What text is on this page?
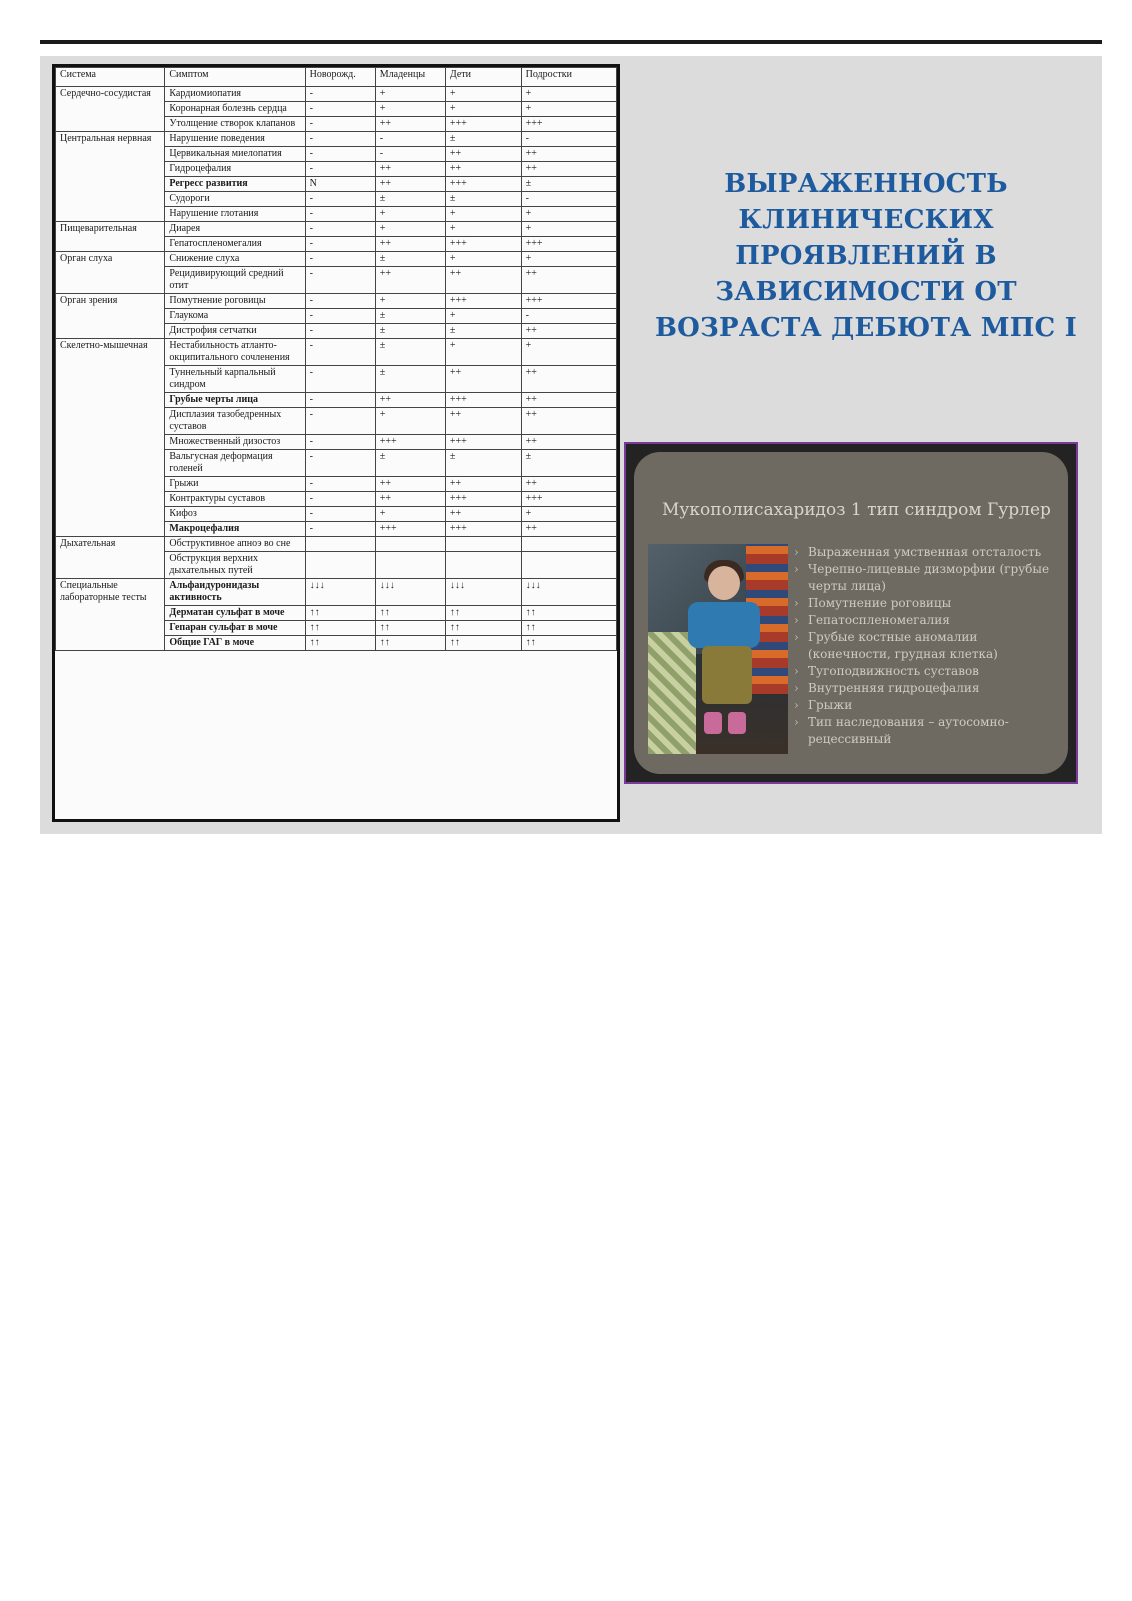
Система	Симптом	Новорожд.	Младенцы	Дети	Подростки
Сердечно-сосудистая	Кардиомиопатия	-	+	+	+
	Коронарная болезнь сердца	-	+	+	+
	Утолщение створок клапанов	-	++	+++	+++
Центральная нервная	Нарушение поведения	-	-	±	-
	Цервикальная миелопатия	-	-	++	++
	Гидроцефалия	-	++	++	++
	Регресс развития	N	++	+++	±
	Судороги	-	±	±	-
	Нарушение глотания	-	+	+	+
Пищеварительная	Диарея	-	+	+	+
	Гепатоспленомегалия	-	++	+++	+++
Орган слуха	Снижение слуха	-	±	+	+
	Рецидивирующий средний отит	-	++	++	++
Орган зрения	Помутнение роговицы	-	+	+++	+++
	Глаукома	-	±	+	-
	Дистрофия сетчатки	-	±	±	++
Скелетно-мышечная	Нестабильность атланто-окципитального сочленения	-	±	+	+
	Туннельный карпальный синдром	-	±	++	++
	Грубые черты лица	-	++	+++	++
	Дисплазия тазобедренных суставов	-	+	++	++
	Множественный дизостоз	-	+++	+++	++
	Вальгусная деформация голеней	-	±	±	±
	Грыжи	-	++	++	++
	Контрактуры суставов	-	++	+++	+++
	Кифоз	-	+	++	+
	Макроцефалия	-	+++	+++	++
Дыхательная	Обструктивное апноэ во сне				
	Обструкция верхних дыхательных путей				
Специальные лабораторные тесты	Альфаидуронидазы активность	↓↓↓	↓↓↓	↓↓↓	↓↓↓
	Дерматан сульфат в моче	↑↑	↑↑	↑↑	↑↑
	Гепаран сульфат в моче	↑↑	↑↑	↑↑	↑↑
	Общие ГАГ в моче	↑↑	↑↑	↑↑	↑↑
ВЫРАЖЕННОСТЬ
КЛИНИЧЕСКИХ
ПРОЯВЛЕНИЙ В
ЗАВИСИМОСТИ ОТ
ВОЗРАСТА ДЕБЮТА МПС I
Мукополисахаридоз 1 тип синдром Гурлер
› Выраженная умственная отсталость
› Черепно-лицевые дизморфии (грубые черты лица)
› Помутнение роговицы
› Гепатоспленомегалия
› Грубые костные аномалии (конечности, грудная клетка)
› Тугоподвижность суставов
› Внутренняя гидроцефалия
› Грыжи
› Тип наследования – аутосомно-рецессивный
